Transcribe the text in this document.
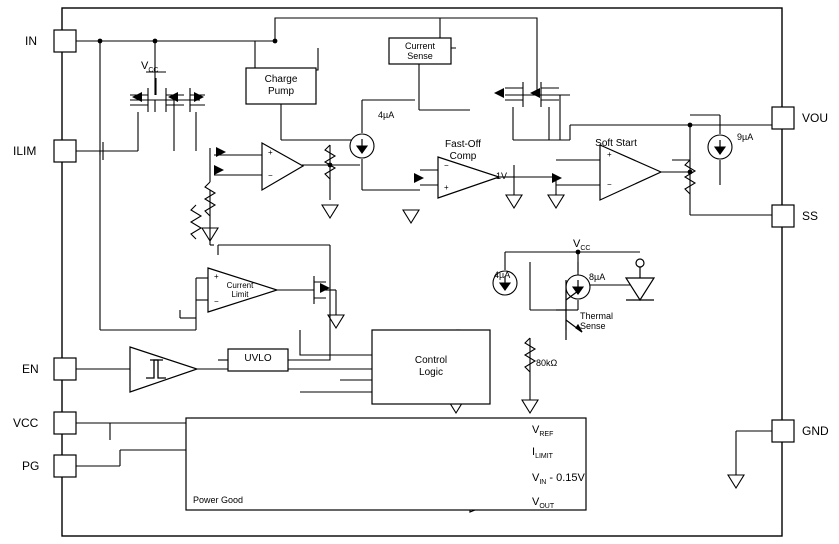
IN
ILIM
EN
VCC
PG
VOU
SS
GND
Charge
Pump
Current
Sense
Fast-Off
Comp
Soft Start
Current
Limit
UVLO	Control
Logic
Thermal
Sense
Power Good
$V_{CC}$
$V_{CC}$
4µA
9µA
4µA	8µA
1V
80kΩ
$V_{REF}$
$I_{LIMIT}$
$V_{IN} - 0.15V$
$V_{OUT}$
+
−
+
−
−
+
+
−
